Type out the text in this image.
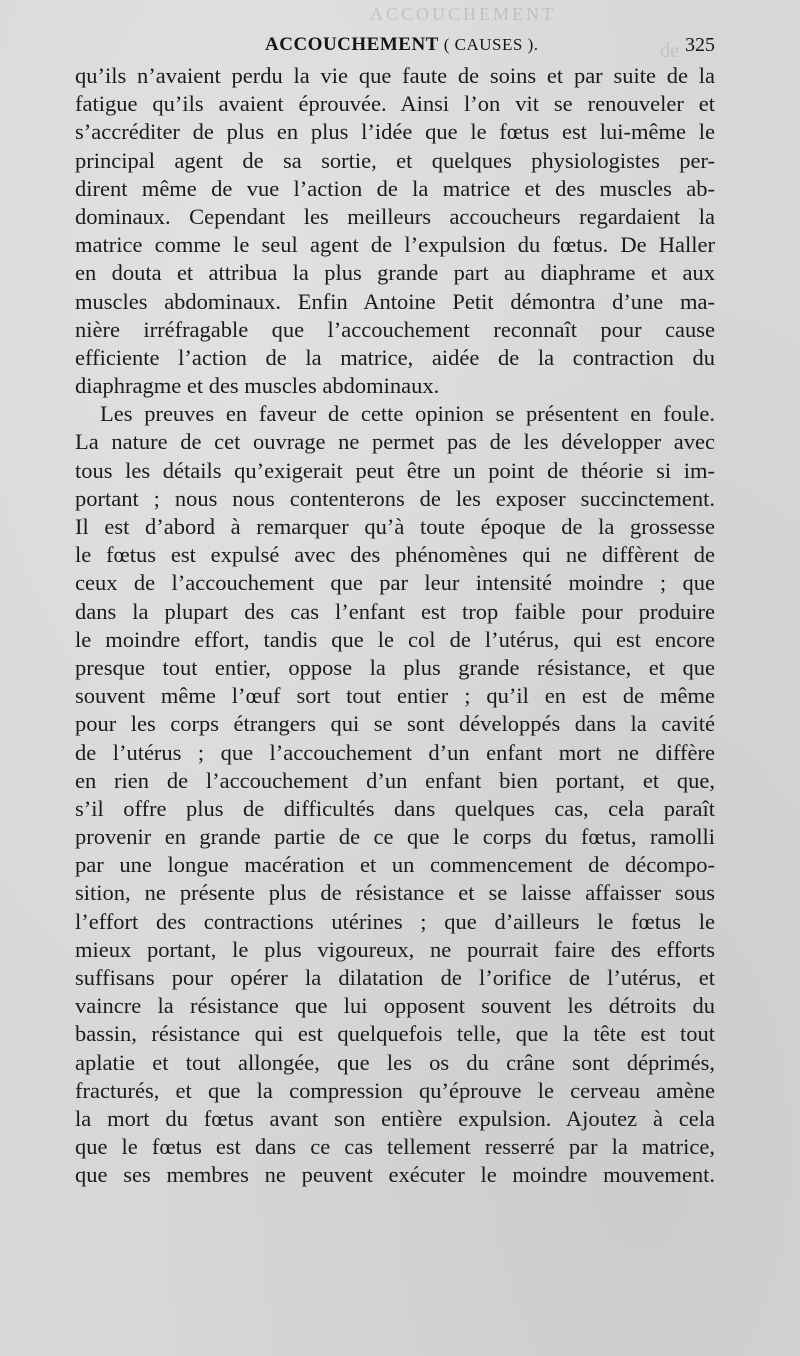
ACCOUCHEMENT
de
ACCOUCHEMENT ( CAUSES ).	325
qu’ils n’avaient perdu la vie que faute de soins et par suite de la
fatigue qu’ils avaient éprouvée. Ainsi l’on vit se renouveler et
s’accréditer de plus en plus l’idée que le fœtus est lui-même le
principal agent de sa sortie, et quelques physiologistes per-
dirent même de vue l’action de la matrice et des muscles ab-
dominaux. Cependant les meilleurs accoucheurs regardaient la
matrice comme le seul agent de l’expulsion du fœtus. De Haller
en douta et attribua la plus grande part au diaphrame et aux
muscles abdominaux. Enfin Antoine Petit démontra d’une ma-
nière irréfragable que l’accouchement reconnaît pour cause
efficiente l’action de la matrice, aidée de la contraction du
diaphragme et des muscles abdominaux.
Les preuves en faveur de cette opinion se présentent en foule.
La nature de cet ouvrage ne permet pas de les développer avec
tous les détails qu’exigerait peut être un point de théorie si im-
portant ; nous nous contenterons de les exposer succinctement.
Il est d’abord à remarquer qu’à toute époque de la grossesse
le fœtus est expulsé avec des phénomènes qui ne diffèrent de
ceux de l’accouchement que par leur intensité moindre ; que
dans la plupart des cas l’enfant est trop faible pour produire
le moindre effort, tandis que le col de l’utérus, qui est encore
presque tout entier, oppose la plus grande résistance, et que
souvent même l’œuf sort tout entier ; qu’il en est de même
pour les corps étrangers qui se sont développés dans la cavité
de l’utérus ; que l’accouchement d’un enfant mort ne diffère
en rien de l’accouchement d’un enfant bien portant, et que,
s’il offre plus de difficultés dans quelques cas, cela paraît
provenir en grande partie de ce que le corps du fœtus, ramolli
par une longue macération et un commencement de décompo-
sition, ne présente plus de résistance et se laisse affaisser sous
l’effort des contractions utérines ; que d’ailleurs le fœtus le
mieux portant, le plus vigoureux, ne pourrait faire des efforts
suffisans pour opérer la dilatation de l’orifice de l’utérus, et
vaincre la résistance que lui opposent souvent les détroits du
bassin, résistance qui est quelquefois telle, que la tête est tout
aplatie et tout allongée, que les os du crâne sont déprimés,
fracturés, et que la compression qu’éprouve le cerveau amène
la mort du fœtus avant son entière expulsion. Ajoutez à cela
que le fœtus est dans ce cas tellement resserré par la matrice,
que ses membres ne peuvent exécuter le moindre mouvement.
